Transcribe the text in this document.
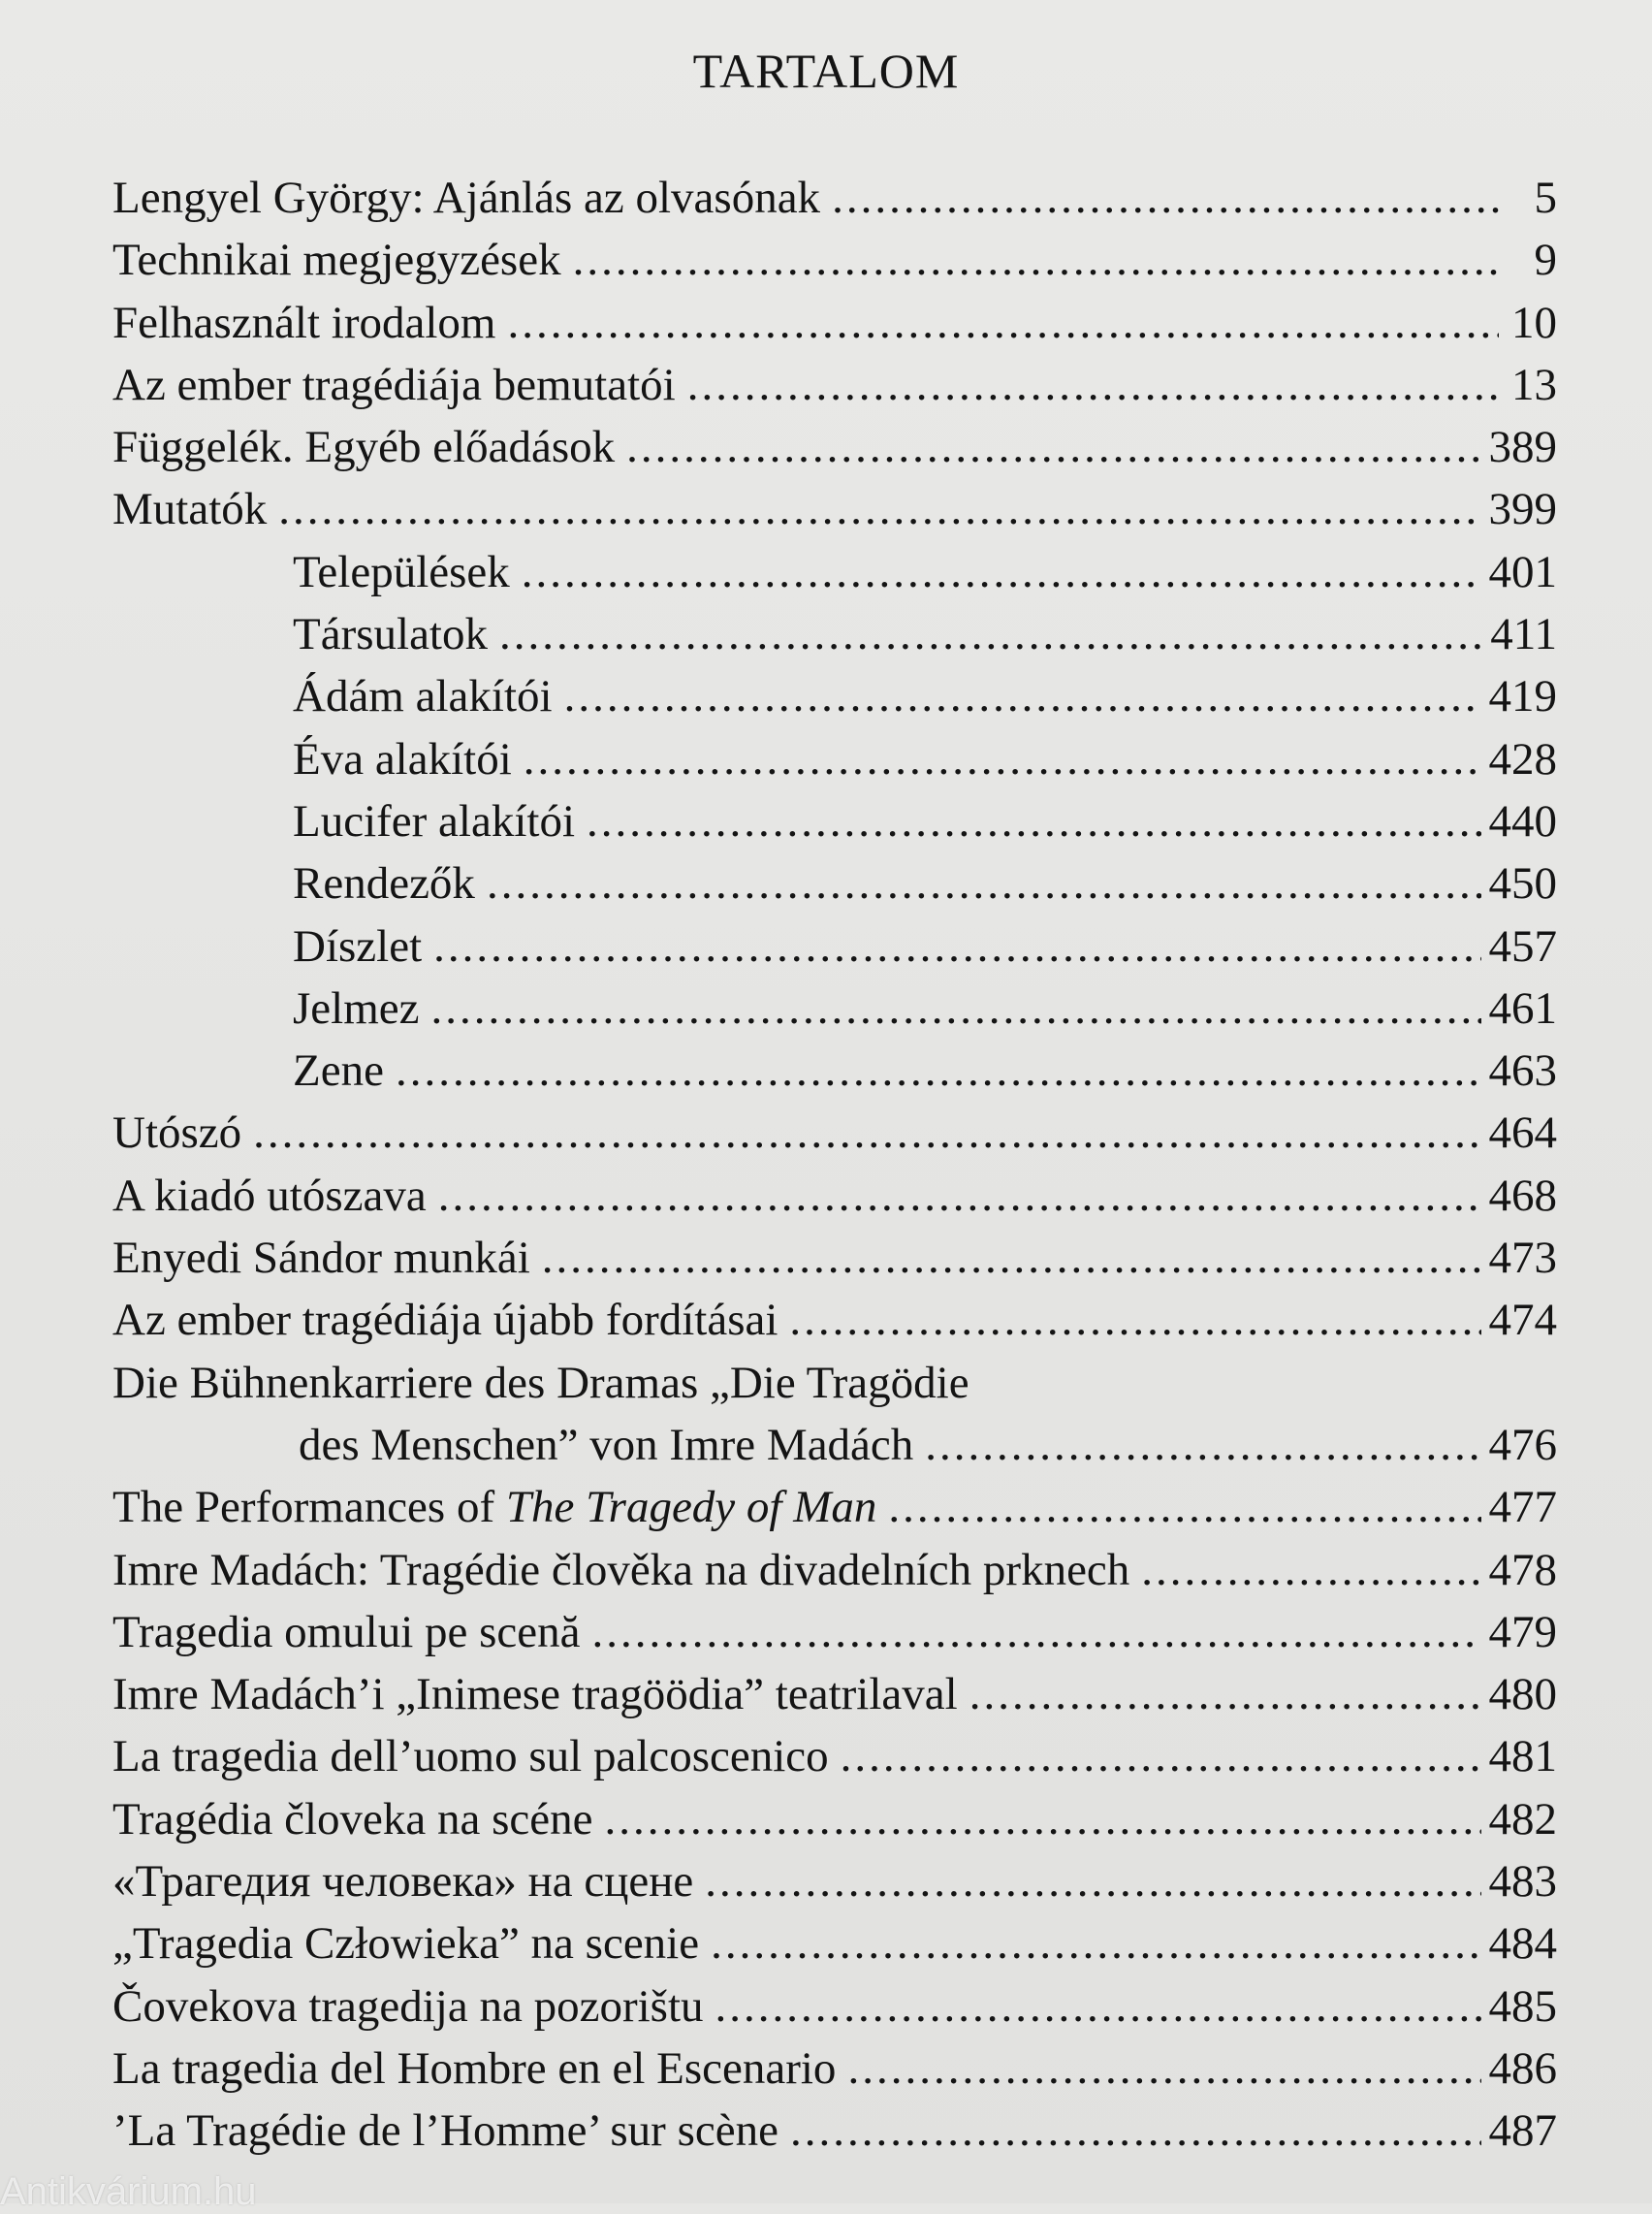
TARTALOM
Lengyel György: Ajánlás az olvasónak .....	5
Technikai megjegyzések .....	9
Felhasznált irodalom .....	10
Az ember tragédiája bemutatói .....	13
Függelék. Egyéb előadások .....	389
Mutatók .....	399
Települések .....	401
Társulatok .....	411
Ádám alakítói .....	419
Éva alakítói .....	428
Lucifer alakítói .....	440
Rendezők .....	450
Díszlet .....	457
Jelmez .....	461
Zene .....	463
Utószó .....	464
A kiadó utószava .....	468
Enyedi Sándor munkái .....	473
Az ember tragédiája újabb fordításai .....	474
Die Bühnenkarriere des Dramas „Die Tragödie
des Menschen” von Imre Madách .....	476
The Performances of The Tragedy of Man .....	477
Imre Madách: Tragédie člověka na divadelních prknech .....	478
Tragedia omului pe scenă .....	479
Imre Madách’i „Inimese tragöödia” teatrilaval .....	480
La tragedia dell’uomo sul palcoscenico .....	481
Tragédia človeka na scéne .....	482
«Трагедия человека» на сцене .....	483
„Tragedia Człowieka” na scenie .....	484
Čovekova tragedija na pozorištu .....	485
La tragedia del Hombre en el Escenario .....	486
’La Tragédie de l’Homme’ sur scène .....	487
Antikvárium.hu
